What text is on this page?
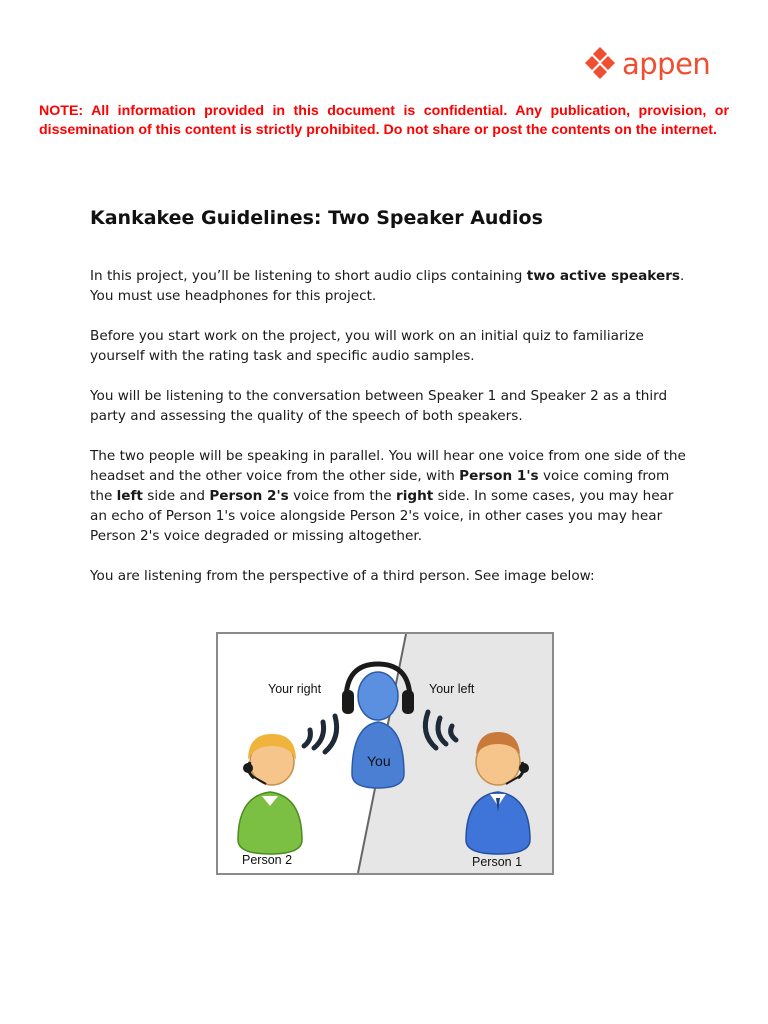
appen

NOTE: All information provided in this document is confidential. Any publication, provision, or dissemination of this content is strictly prohibited. Do not share or post the contents on the internet.

Kankakee Guidelines: Two Speaker Audios

In this project, you’ll be listening to short audio clips containing two active speakers. You must use headphones for this project.

Before you start work on the project, you will work on an initial quiz to familiarize yourself with the rating task and specific audio samples.

You will be listening to the conversation between Speaker 1 and Speaker 2 as a third party and assessing the quality of the speech of both speakers.

The two people will be speaking in parallel. You will hear one voice from one side of the headset and the other voice from the other side, with Person 1's voice coming from the left side and Person 2's voice from the right side. In some cases, you may hear an echo of Person 1's voice alongside Person 2's voice, in other cases you may hear Person 2's voice degraded or missing altogether.

You are listening from the perspective of a third person. See image below:

Your right	Your left
You
Person 2	Person 1
